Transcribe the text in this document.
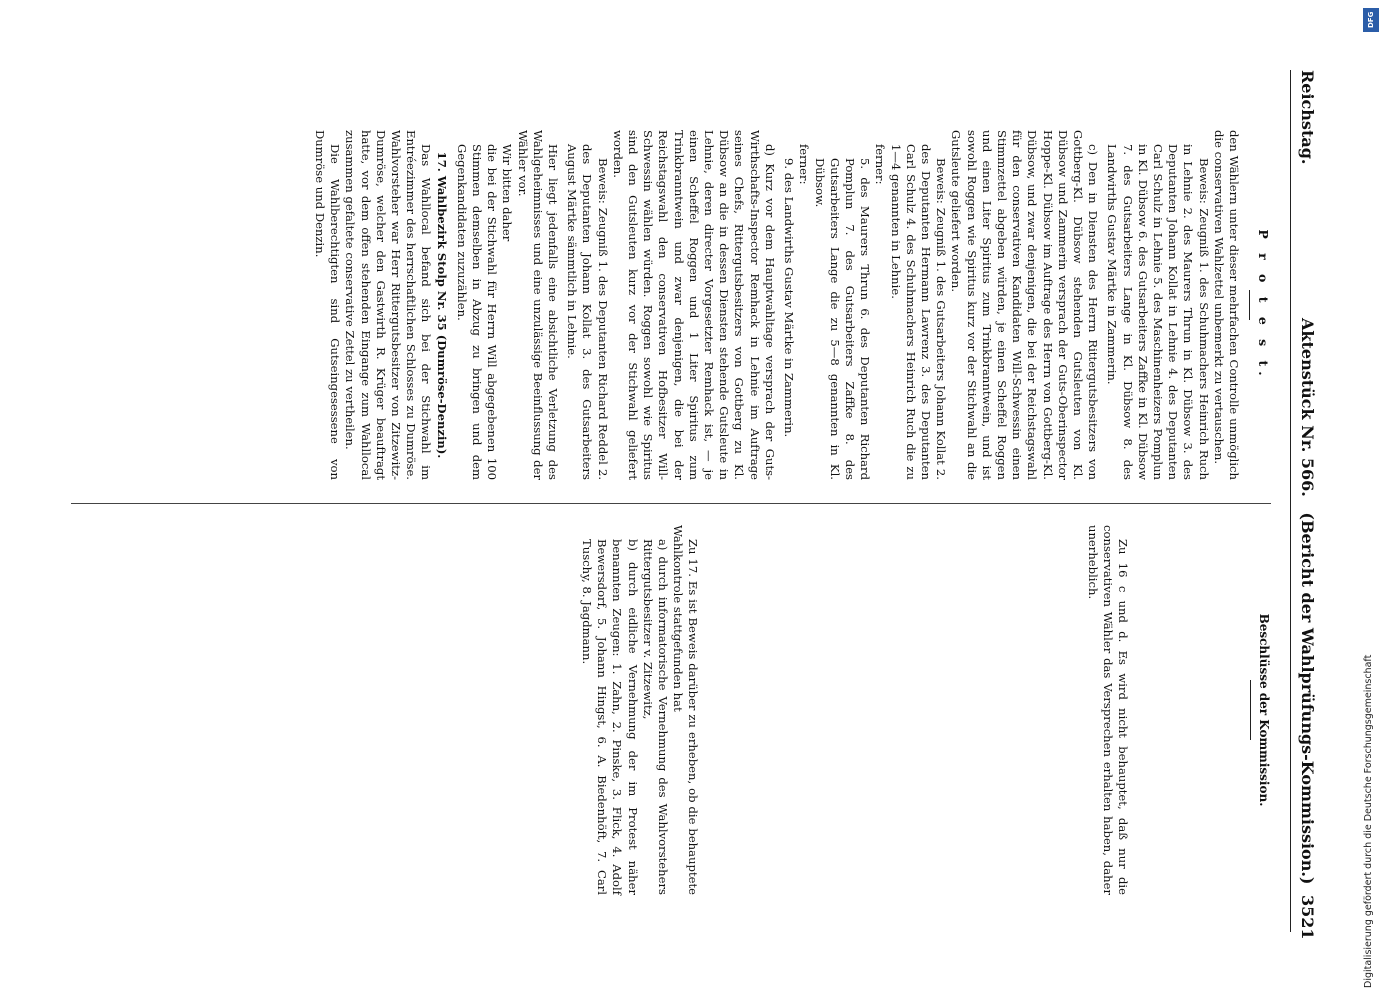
Reichstag.
Aktenstück Nr. 566. (Bericht der Wahlprüfungs-Kommission.)
3521
P r o t e s t.

den Wählern unter dieser mehrfachen Controlle unmöglich die conservativen Wahlzettel unbemerkt zu vertauschen.

Beweis: Zeugniß 1. des Schuhmachers Heinrich Ruch in Lehnie 2. des Maurers Thrun in Kl. Dübsow 3. des Deputanten Johann Kollat in Lehnie 4. des Deputanten Carl Schulz in Lehnie 5. des Maschinenheizers Pomplun in Kl. Dübsow 6. des Gutsarbeiters Zaffke in Kl. Dübsow 7. des Gutsarbeiters Lange in Kl. Dübsow 8. des Landwirths Gustav Märtke in Zammerin.

c) Den in Diensten des Herrn Rittergutsbesitzers von Gottberg-Kl. Dübsow stehenden Gutsleuten von Kl. Dübsow und Zammerin versprach der Guts-Oberinspector Hoppe-Kl. Dübsow im Auftrage des Herrn von Gottberg-Kl. Dübsow, und zwar denjenigen, die bei der Reichstagswahl für den conservativen Kandidaten Will-Schwessin einen Stimmzettel abgeben würden, je einen Scheffel Roggen und einen Liter Spiritus zum Trinkbranntwein, und ist sowohl Roggen wie Spiritus kurz vor der Stichwahl an die Gutsleute geliefert worden.

Beweis: Zeugniß 1. des Gutsarbeiters Johann Kollat 2. des Deputanten Hermann Lawrenz 3. des Deputanten Carl Schulz 4. des Schuhmachers Heinrich Ruch die zu 1—4 genannten in Lehnie.

ferner:

5. des Maurers Thrun 6. des Deputanten Richard Pomplun 7. des Gutsarbeiters Zaffke 8. des Gutsarbeiters Lange die zu 5—8 genannten in Kl. Dübsow.

ferner:

9. des Landwirths Gustav Märtke in Zammerin.

d) Kurz vor dem Hauptwahltage versprach der Guts-Wirthschafts-Inspector Remhack in Lehnie im Auftrage seines Chefs, Rittergutsbesitzers von Gottberg zu Kl. Dübsow an die in dessen Diensten stehende Gutsleute in Lehnie, deren directer Vorgesetzter Remhack ist, — je einen Scheffel Roggen und 1 Liter Spiritus zum Trinkbranntwein und zwar denjenigen, die bei der Reichstagswahl den conservativen Hofbesitzer Will-Schwessin wählen würden. Roggen sowohl wie Spiritus sind den Gutsleuten kurz vor der Stichwahl geliefert worden.

Beweis: Zeugniß 1. des Deputanten Richard Reddel 2. des Deputanten Johann Kollat 3. des Gutsarbeiters August Märtke sämmtlich in Lehnie.

Hier liegt jedenfalls eine absichtliche Verletzung des Wahlgeheimnisses und eine unzulässige Beeinflussung der Wähler vor.

Wir bitten daher

die bei der Stichwahl für Herrn Will abgegebenen 100 Stimmen demselben in Abzug zu bringen und dem Gegenkandidaten zuzuzählen.

17. Wahlbezirk Stolp Nr. 35 (Dumröse-Denzin).

Das Wahllocal befand sich bei der Stichwahl im Entréezimmer des herrschaftlichen Schlosses zu Dumröse. Wahlvorsteher war Herr Rittergutsbesitzer von Zitzewitz-Dumröse, welcher den Gastwirth R. Krüger beauftragt hatte, vor dem offen stehenden Eingange zum Wahllocal zusammen gefaltete conservative Zettel zu vertheilen.

Die Wahlberechtigten sind Gutseingesessene von Dumröse und Denzin.

Beschlüsse der Kommission.

Zu 16 c und d. Es wird nicht behauptet, daß nur die conservativen Wähler das Versprechen erhalten haben, daher unerheblich.

Zu 17. Es ist Beweis darüber zu erheben, ob die behauptete Wahlkontrole stattgefunden hat

a) durch informatorische Vernehmung des Wahlvorstehers Rittergutsbesitzer v. Zitzewitz,

b) durch eidliche Vernehmung der im Protest näher benannten Zeugen: 1. Zahn, 2. Pinske, 3. Flick, 4. Adolf Bewersdorf, 5. Johann Hingst, 6. A. Biedenhöft, 7. Carl Tuschy, 8. Jagdmann.

DFG
Digitalisierung gefördert durch die Deutsche Forschungsgemeinschaft
